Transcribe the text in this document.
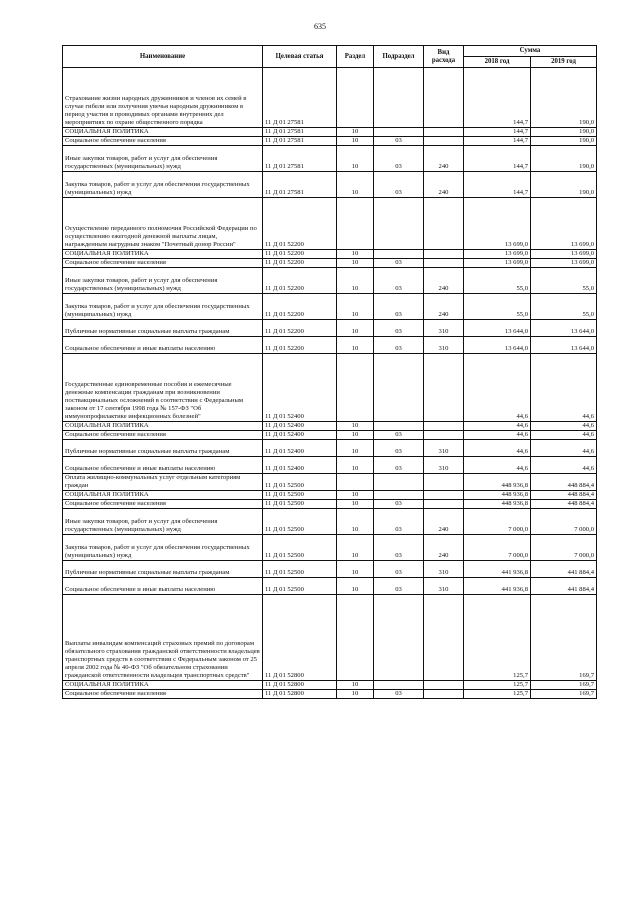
635
Наименование	Целевая статья	Раздел	Подраздел	Вид расхода	Сумма	
					2018 год	2019 год
Страхование жизни народных дружинников и членов их семей в случае гибели или получения увечья народным дружинником в период участия в проводимых органами внутренних дел мероприятиях по охране общественного порядка	11 Д 01 27581				144,7	190,0
СОЦИАЛЬНАЯ ПОЛИТИКА	11 Д 01 27581	10			144,7	190,0
Социальное обеспечение населения	11 Д 01 27581	10	03		144,7	190,0
Иные закупки товаров, работ и услуг для обеспечения государственных (муниципальных) нужд	11 Д 01 27581	10	03	240	144,7	190,0
Закупка товаров, работ и услуг для обеспечения государственных (муниципальных) нужд	11 Д 01 27581	10	03	240	144,7	190,0
Осуществление переданного полномочия Российской Федерации по осуществлению ежегодной денежной выплаты лицам, награжденным нагрудным знаком "Почетный донор России"	11 Д 01 52200				13 699,0	13 699,0
СОЦИАЛЬНАЯ ПОЛИТИКА	11 Д 01 52200	10			13 699,0	13 699,0
Социальное обеспечение населения	11 Д 01 52200	10	03		13 699,0	13 699,0
Иные закупки товаров, работ и услуг для обеспечения государственных (муниципальных) нужд	11 Д 01 52200	10	03	240	55,0	55,0
Закупка товаров, работ и услуг для обеспечения государственных (муниципальных) нужд	11 Д 01 52200	10	03	240	55,0	55,0
Публичные нормативные социальные выплаты гражданам	11 Д 01 52200	10	03	310	13 644,0	13 644,0
Социальное обеспечение и иные выплаты населению	11 Д 01 52200	10	03	310	13 644,0	13 644,0
Государственные единовременные пособия и ежемесячные денежные компенсации гражданам при возникновении поствакцинальных осложнений в соответствии с Федеральным законом от 17 сентября 1998 года № 157-ФЗ "Об иммунопрофилактике инфекционных болезней"	11 Д 01 52400				44,6	44,6
СОЦИАЛЬНАЯ ПОЛИТИКА	11 Д 01 52400	10			44,6	44,6
Социальное обеспечение населения	11 Д 01 52400	10	03		44,6	44,6
Публичные нормативные социальные выплаты гражданам	11 Д 01 52400	10	03	310	44,6	44,6
Социальное обеспечение и иные выплаты населению	11 Д 01 52400	10	03	310	44,6	44,6
Оплата жилищно-коммунальных услуг отдельным категориям граждан	11 Д 01 52500				448 936,8	448 884,4
СОЦИАЛЬНАЯ ПОЛИТИКА	11 Д 01 52500	10			448 936,8	448 884,4
Социальное обеспечение населения	11 Д 01 52500	10	03		448 936,8	448 884,4
Иные закупки товаров, работ и услуг для обеспечения государственных (муниципальных) нужд	11 Д 01 52500	10	03	240	7 000,0	7 000,0
Закупка товаров, работ и услуг для обеспечения государственных (муниципальных) нужд	11 Д 01 52500	10	03	240	7 000,0	7 000,0
Публичные нормативные социальные выплаты гражданам	11 Д 01 52500	10	03	310	441 936,8	441 884,4
Социальное обеспечение и иные выплаты населению	11 Д 01 52500	10	03	310	441 936,8	441 884,4
Выплаты инвалидам компенсаций страховых премий по договорам обязательного страхования гражданской ответственности владельцев транспортных средств в соответствии с Федеральным законом от 25 апреля 2002 года № 40-ФЗ "Об обязательном страховании гражданской ответственности владельцев транспортных средств"	11 Д 01 52800				125,7	169,7
СОЦИАЛЬНАЯ ПОЛИТИКА	11 Д 01 52800	10			125,7	169,7
Социальное обеспечение населения	11 Д 01 52800	10	03		125,7	169,7
